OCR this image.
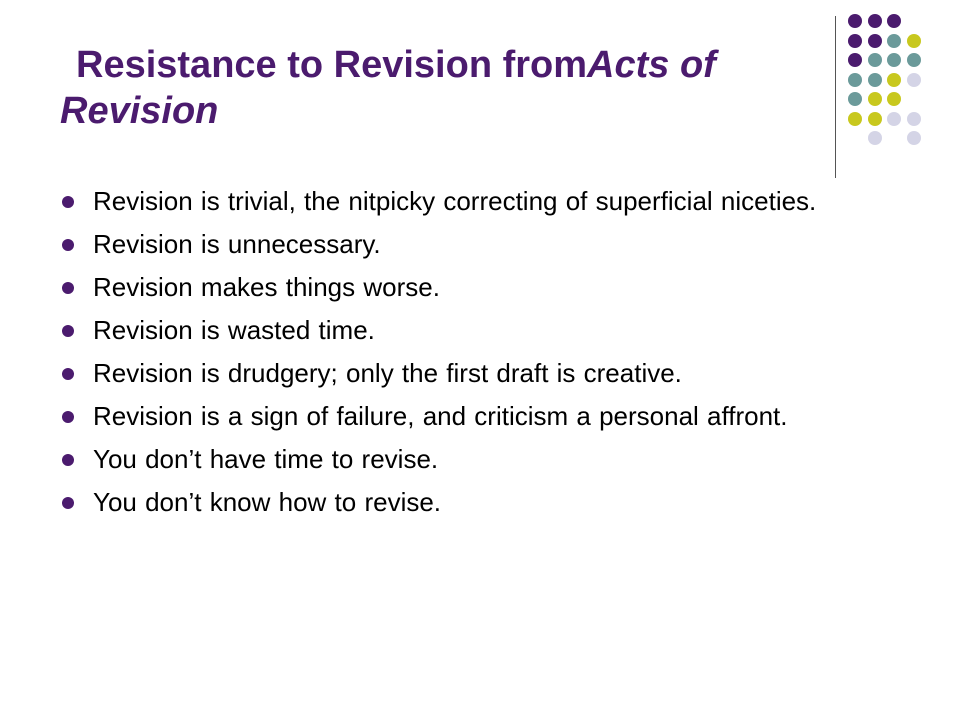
Resistance to Revision fromActs of Revision
Revision is trivial, the nitpicky correcting of superficial niceties.
Revision is unnecessary.
Revision makes things worse.
Revision is wasted time.
Revision is drudgery; only the first draft is creative.
Revision is a sign of failure, and criticism a personal affront.
You don’t have time to revise.
You don’t know how to revise.
